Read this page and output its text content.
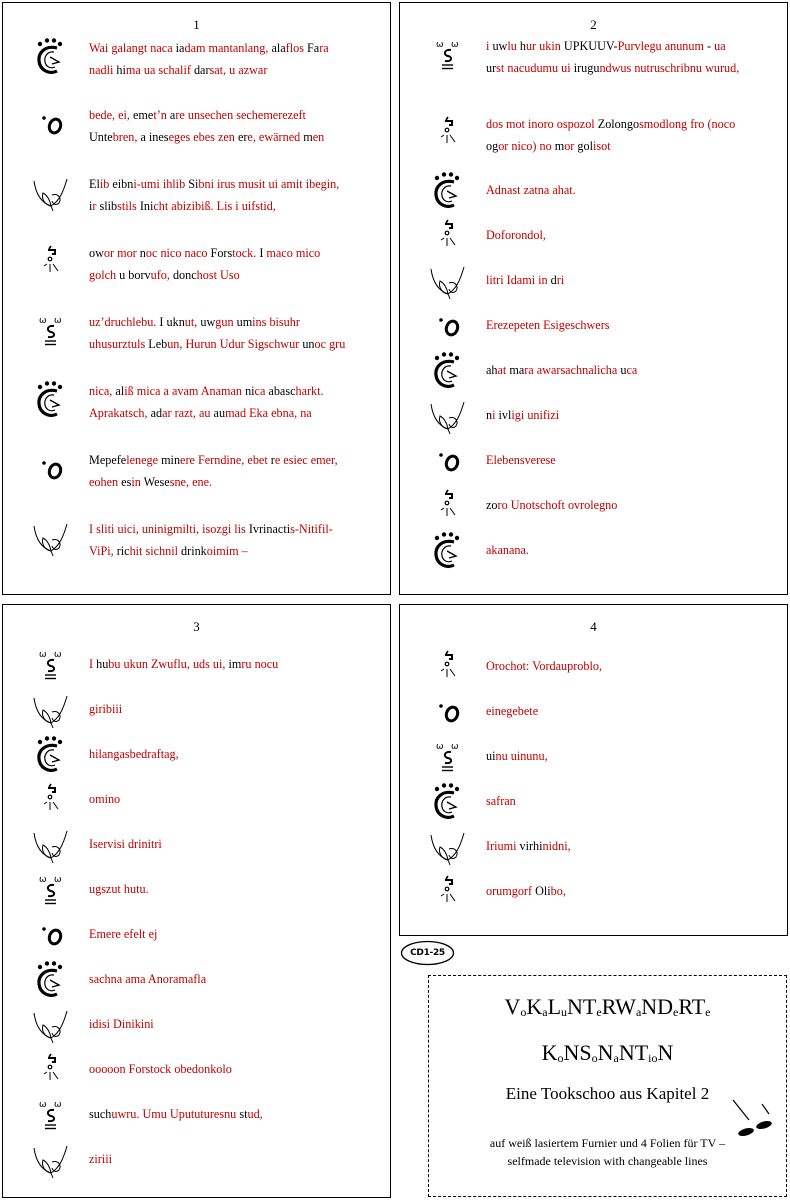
1
Wai galangt naca iadam mantanlang, alaflos Fara
nadli hima ua schalif darsat, u azwar
bede, ei, emet’n are unsechen sechemerezeft
Untebren, a ineseges ebes zen ere, ewärned men
Elib eibni-umi ihlib Sibni irus musit ui amit ibegin,
ir slibstils Inicht abizibiß. Lis i uifstid,
owor mor noc nico naco Forstock. I maco mico
golch u borvufo, donchost Uso
ω ω uz’druchlebu. I uknut, uwgun umins bisuhr
uhusurztuls Lebun, Hurun Udur Sigschwur unoc gru
nica, aliß mica a avam Anaman nica abascharkt.
Aprakatsch, adar razt, au aumad Eka ebna, na
Mepefelenege minere Ferndine, ebet re esiec emer,
eohen esin Wesesne, ene.
I sliti uici, uninigmilti, isozgi lis Ivrinactis-Nitifil-
ViPi, richit sichnil drinkoimim –
2
ω ω i uwlu hur ukin UPKUUV-Purvlegu anunum - ua
urst nacudumu ui irugundwus nutruschribnu wurud,
dos mot inoro ospozol Zolongosmodlong fro (noco
ogor nico) no mor golisot
Adnast zatna ahat.
Doforondol,
litri Idami in dri
Erezepeten Esigeschwers
ahat mara awarsachnalicha uca
ni ivligi unifizi
Elebensverese
zoro Unotschoft ovrolegno
akanana.
3
ω ω
I hubu ukun Zwuflu, uds ui, imru nocu
giribiii
hilangasbedraftag,
omino
Iservisi drinitri
ω ω
ugszut hutu.
Emere efelt ej
sachna ama Anoramafla
idisi Dinikini
ooooon Forstock obedonkolo
ω ω
suchuwru. Umu Upututuresnu stud,
ziriii
4
Orochot: Vordauproblo,
einegebete
ω ω
uinu uinunu,
safran
Iriumi virhinidni,
orumgorf Olibo,
CD1-25
VoKaLuNTeRWaNDeRTe
KoNSoNaNTioN
Eine Tookschoo aus Kapitel 2
auf weiß lasiertem Furnier und 4 Folien für TV –
selfmade television with changeable lines
